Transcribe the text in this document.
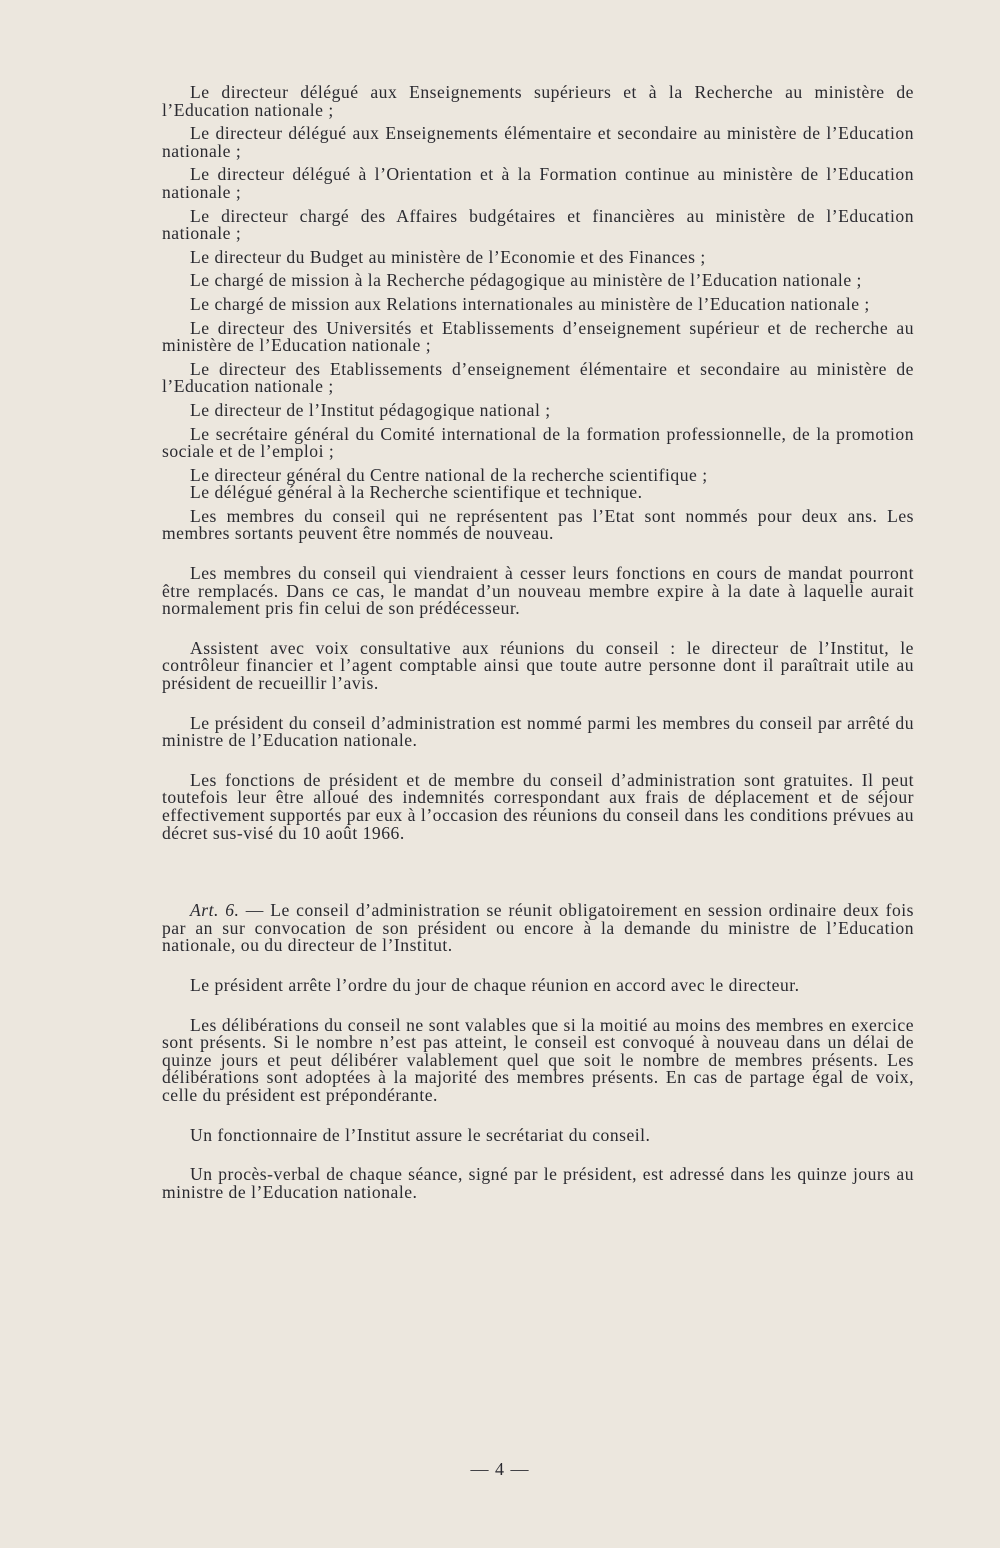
Le directeur délégué aux Enseignements supérieurs et à la Recherche au ministère de l’Education nationale ;

Le directeur délégué aux Enseignements élémentaire et secondaire au ministère de l’Education nationale ;

Le directeur délégué à l’Orientation et à la Formation continue au ministère de l’Education nationale ;

Le directeur chargé des Affaires budgétaires et financières au ministère de l’Education nationale ;

Le directeur du Budget au ministère de l’Economie et des Finances ;

Le chargé de mission à la Recherche pédagogique au ministère de l’Education nationale ;

Le chargé de mission aux Relations internationales au ministère de l’Education nationale ;

Le directeur des Universités et Etablissements d’enseignement supérieur et de recherche au ministère de l’Education nationale ;

Le directeur des Etablissements d’enseignement élémentaire et secondaire au ministère de l’Education nationale ;

Le directeur de l’Institut pédagogique national ;

Le secrétaire général du Comité international de la formation professionnelle, de la promotion sociale et de l’emploi ;

Le directeur général du Centre national de la recherche scientifique ;

Le délégué général à la Recherche scientifique et technique.

Les membres du conseil qui ne représentent pas l’Etat sont nommés pour deux ans. Les membres sortants peuvent être nommés de nouveau.

Les membres du conseil qui viendraient à cesser leurs fonctions en cours de mandat pourront être remplacés. Dans ce cas, le mandat d’un nouveau membre expire à la date à laquelle aurait normalement pris fin celui de son prédécesseur.

Assistent avec voix consultative aux réunions du conseil : le directeur de l’Institut, le contrôleur financier et l’agent comptable ainsi que toute autre personne dont il paraîtrait utile au président de recueillir l’avis.

Le président du conseil d’administration est nommé parmi les membres du conseil par arrêté du ministre de l’Education nationale.

Les fonctions de président et de membre du conseil d’administration sont gratuites. Il peut toutefois leur être alloué des indemnités correspondant aux frais de déplacement et de séjour effectivement supportés par eux à l’occasion des réunions du conseil dans les conditions prévues au décret sus-visé du 10 août 1966.

Art. 6. — Le conseil d’administration se réunit obligatoirement en session ordinaire deux fois par an sur convocation de son président ou encore à la demande du ministre de l’Education nationale, ou du directeur de l’Institut.

Le président arrête l’ordre du jour de chaque réunion en accord avec le directeur.

Les délibérations du conseil ne sont valables que si la moitié au moins des membres en exercice sont présents. Si le nombre n’est pas atteint, le conseil est convoqué à nouveau dans un délai de quinze jours et peut délibérer valablement quel que soit le nombre de membres présents. Les délibérations sont adoptées à la majorité des membres présents. En cas de partage égal de voix, celle du président est prépondérante.

Un fonctionnaire de l’Institut assure le secrétariat du conseil.

Un procès-verbal de chaque séance, signé par le président, est adressé dans les quinze jours au ministre de l’Education nationale.

— 4 —
